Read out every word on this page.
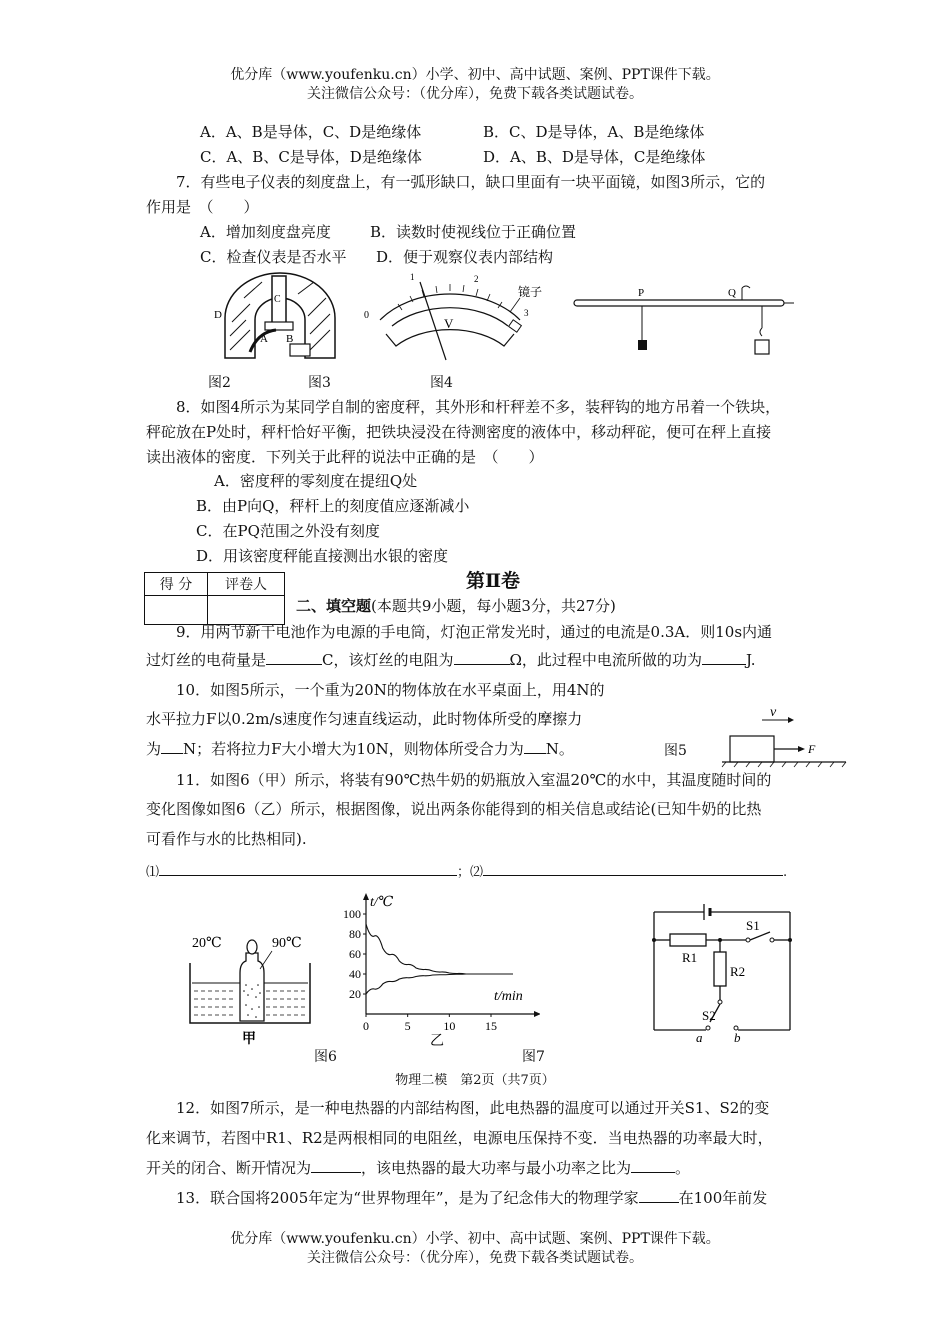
优分库（www.youfenku.cn）小学、初中、高中试题、案例、PPT课件下载。
关注微信公众号：（优分库），免费下载各类试题试卷。
A．A、B是导体，C、D是绝缘体	B．C、D是导体，A、B是绝缘体
C．A、B、C是导体，D是绝缘体	D．A、B、D是导体，C是绝缘体
7．有些电子仪表的刻度盘上，有一弧形缺口，缺口里面有一块平面镜，如图3所示，它的
作用是　（　　）
A．增加刻度盘亮度	B．读数时使视线位于正确位置
C．检查仪表是否水平 D．便于观察仪表内部结构
C
D
A B
V
0
1	2
3
镜子	P	Q
图2	图3	图4
8．如图4所示为某同学自制的密度秤，其外形和杆秤差不多，装秤钩的地方吊着一个铁块，
秤砣放在P处时，秤杆恰好平衡，把铁块浸没在待测密度的液体中，移动秤砣，便可在秤上直接
读出液体的密度．下列关于此秤的说法中正确的是　（　　）
A．密度秤的零刻度在提纽Q处
B．由P向Q，秤杆上的刻度值应逐渐减小
C．在PQ范围之外没有刻度
D．用该密度秤能直接测出水银的密度
得 分	评卷人
		第Ⅱ卷
二、填空题(本题共9小题，每小题3分，共27分)
9．用两节新干电池作为电源的手电筒，灯泡正常发光时，通过的电流是0.3A．则10s内通
过灯丝的电荷量是	C，该灯丝的电阻为	Ω，此过程中电流所做的功为	J.
10．如图5所示，一个重为20N的物体放在水平桌面上，用4N的
水平拉力F以0.2m/s速度作匀速直线运动，此时物体所受的摩擦力
为 N；若将拉力F大小增大为10N，则物体所受合力为 N。	图5
v
F
11．如图6（甲）所示，将装有90℃热牛奶的奶瓶放入室温20℃的水中，其温度随时间的
变化图像如图6（乙）所示，根据图像，说出两条你能得到的相关信息或结论(已知牛奶的比热
可看作与水的比热相同).
⑴	；⑵	.
20℃	90℃
甲
20
40
60
80
100
0	5	10 15
t/℃
t/min
乙
R1
R2
S1
S2
a b
图6	图7
物理二模　第2页（共7页）
12．如图7所示，是一种电热器的内部结构图，此电热器的温度可以通过开关S1、S2的变
化来调节，若图中R1、R2是两根相同的电阻丝，电源电压保持不变．当电热器的功率最大时，
开关的闭合、断开情况为	，该电热器的最大功率与最小功率之比为	。
13．联合国将2005年定为“世界物理年”，是为了纪念伟大的物理学家	在100年前发
优分库（www.youfenku.cn）小学、初中、高中试题、案例、PPT课件下载。
关注微信公众号：（优分库），免费下载各类试题试卷。
